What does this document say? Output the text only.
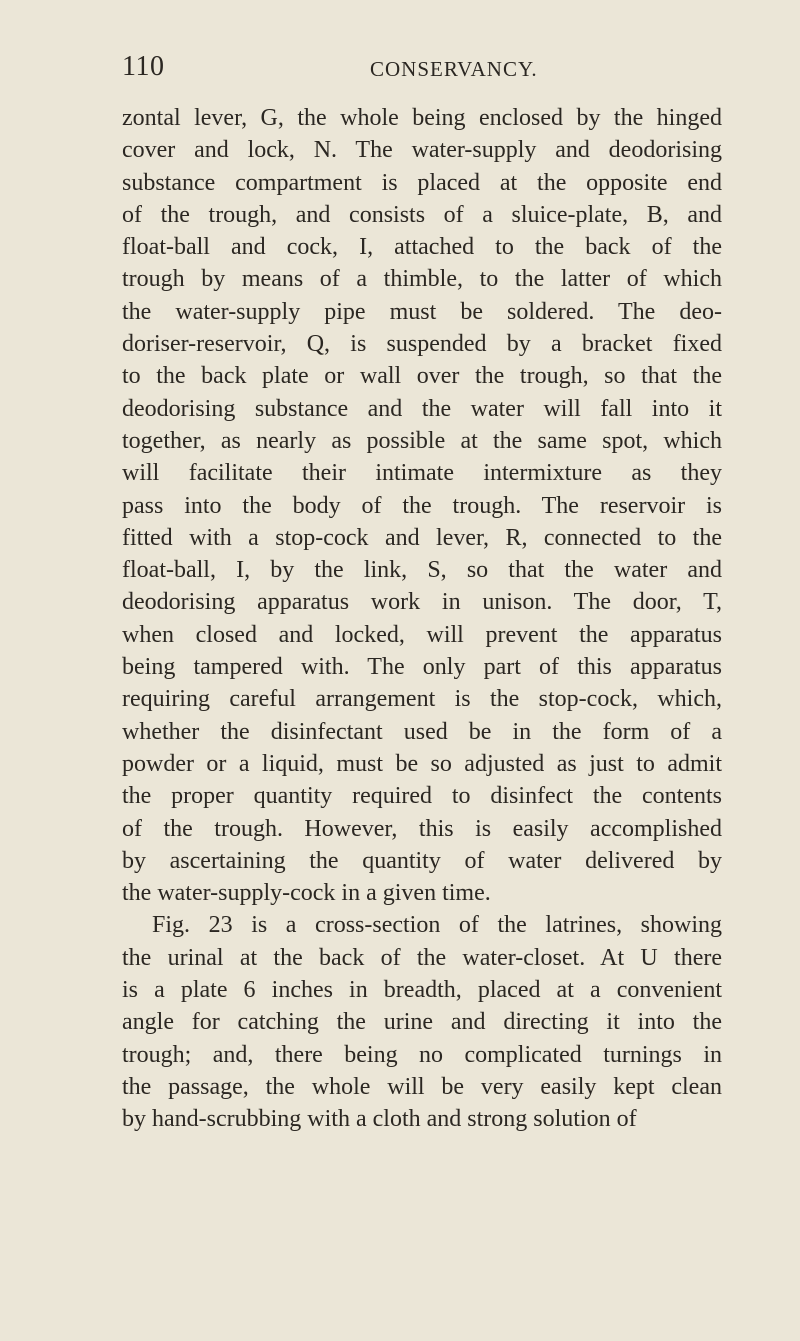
110	CONSERVANCY.
zontal lever, G, the whole being enclosed by the hinged
cover and lock, N. The water-supply and deodorising
substance compartment is placed at the opposite end
of the trough, and consists of a sluice-plate, B, and
float-ball and cock, I, attached to the back of the
trough by means of a thimble, to the latter of which
the water-supply pipe must be soldered. The deo-
doriser-reservoir, Q, is suspended by a bracket fixed
to the back plate or wall over the trough, so that the
deodorising substance and the water will fall into it
together, as nearly as possible at the same spot, which
will facilitate their intimate intermixture as they
pass into the body of the trough. The reservoir is
fitted with a stop-cock and lever, R, connected to the
float-ball, I, by the link, S, so that the water and
deodorising apparatus work in unison. The door, T,
when closed and locked, will prevent the apparatus
being tampered with. The only part of this apparatus
requiring careful arrangement is the stop-cock, which,
whether the disinfectant used be in the form of a
powder or a liquid, must be so adjusted as just to admit
the proper quantity required to disinfect the contents
of the trough. However, this is easily accomplished
by ascertaining the quantity of water delivered by
the water-supply-cock in a given time.
Fig. 23 is a cross-section of the latrines, showing
the urinal at the back of the water-closet. At U there
is a plate 6 inches in breadth, placed at a convenient
angle for catching the urine and directing it into the
trough; and, there being no complicated turnings in
the passage, the whole will be very easily kept clean
by hand-scrubbing with a cloth and strong solution of
